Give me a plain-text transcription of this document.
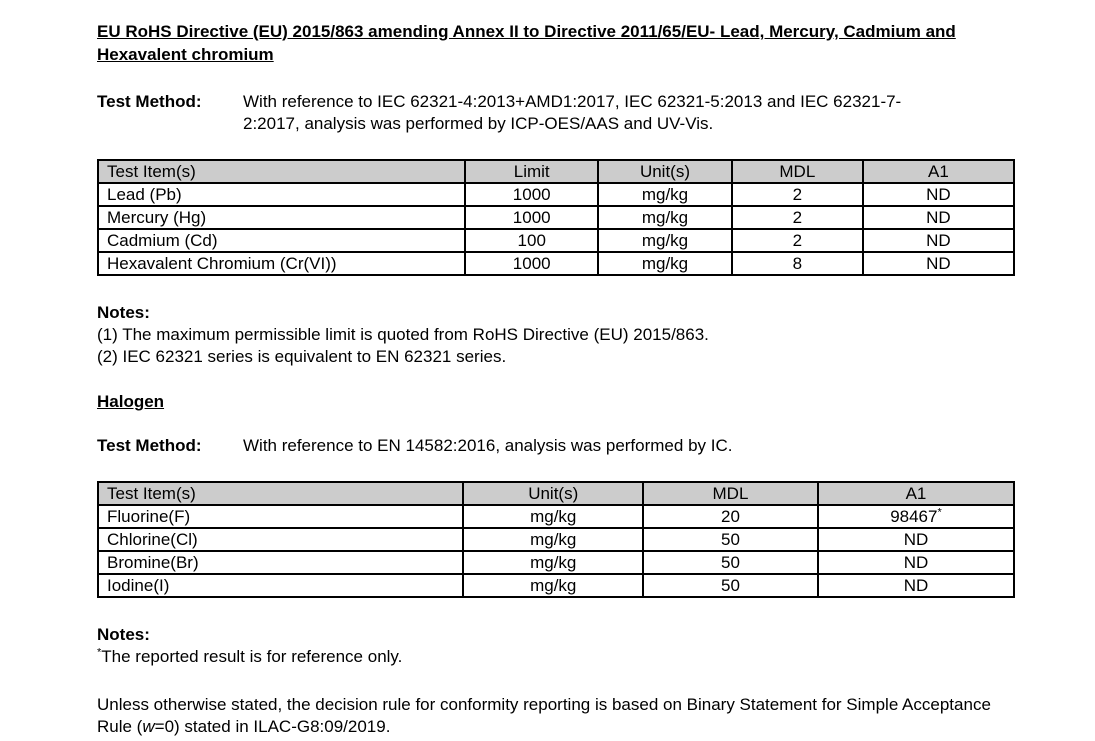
EU RoHS Directive (EU) 2015/863 amending Annex II to Directive 2011/65/EU- Lead, Mercury, Cadmium and Hexavalent chromium
Test Method:	With reference to IEC 62321-4:2013+AMD1:2017, IEC 62321-5:2013 and IEC 62321-7-2:2017, analysis was performed by ICP-OES/AAS and UV-Vis.
Test Item(s)	Limit	Unit(s)	MDL	A1
Lead (Pb)	1000	mg/kg	2	ND
Mercury (Hg)	1000	mg/kg	2	ND
Cadmium (Cd)	100	mg/kg	2	ND
Hexavalent Chromium (Cr(VI))	1000	mg/kg	8	ND
Notes:
(1) The maximum permissible limit is quoted from RoHS Directive (EU) 2015/863.
(2) IEC 62321 series is equivalent to EN 62321 series.
Halogen
Test Method:	With reference to EN 14582:2016, analysis was performed by IC.
Test Item(s)	Unit(s)	MDL	A1
Fluorine(F)	mg/kg	20	98467*
Chlorine(Cl)	mg/kg	50	ND
Bromine(Br)	mg/kg	50	ND
Iodine(I)	mg/kg	50	ND
Notes:
*The reported result is for reference only.

Unless otherwise stated, the decision rule for conformity reporting is based on Binary Statement for Simple Acceptance Rule (w=0) stated in ILAC-G8:09/2019.
